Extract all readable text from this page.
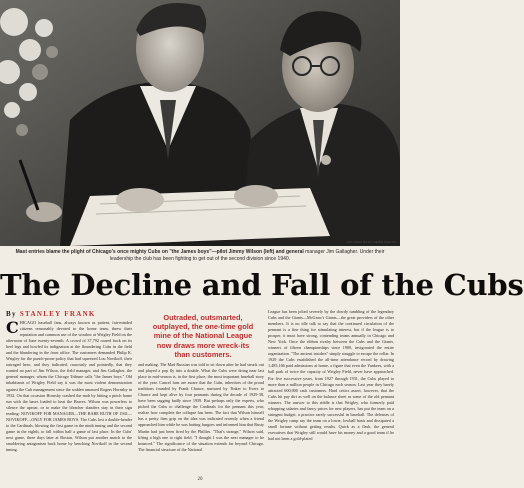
CHICAGO DAILY NEWS PHOTO
Mast entries blame the plight of Chicago's once mighty Cubs on "the James boys"—pilot Jimmy Wilson (left) and general manager Jim Gallagher. Under their leadership the club has been fighting to get out of the second division since 1940.
The Decline and Fall of the Cubs
By STANLEY FRANK
C HICAGO baseball fans, always known as patient, fair-minded citizens reasonably devoted to the home team, threw their reputation and common use of the window at Wrigley Field on the afternoon of June twenty-seventh. A crowd of 37,792 roared back on its heel legs and howled its indignation at the floundering Cubs in the field and the blundering in the front office. The customers demanded Philip K. Wrigley for the punch-prone policy that had squeezed Lou Novikoff, their outraged hero, and they indicated, raucously and pointedly, that they wanted no part of Jim Wilson, the field manager, and Jim Gallagher, the general manager, whom the Chicago Tribune calls "the James boys." Old inhabitants of Wrigley Field say it was the most violent demonstration against the Cub management since the sodden amassed Rogers Hornsby in 1932. On that occasion Hornsby crashed the mob by hitting a pinch home run with the bases loaded to beat the Braves. Wilson was powerless to silence the uproar, or to make the bleacher slanders stay in their sign reading: NOVIKOFF FOR MANAGER—THE BABE RUTH OF 1941—NOVIKOFF—ONLY FOR JAMES BOYS. The Cubs lost a double-header to the Cardinals, blowing the first game in the ninth inning and the second game in the eighth, to fall within half a game of last place. In the Cubs' next game, three days later at Boston, Wilson put another match to the smoldering antagonism back home by benching Novikoff in the second inning.
Outraded, outsmarted, outplayed, the one-time gold mine of the National League now draws more wreck-its than customers.
and making. The Mad Russian was told to sit down after he had struck out and played a pop fly into a double. What the Cubs were doing near last place in mid-season is, in the first place, the most important baseball story of the year. Cancel fans are aware that the Cubs, inheritors of the proud traditions founded by Frank Chance, nurtured by Tinker to Evers to Chance and kept alive by four pennants during the decade of 1929-38, have been sagging badly since 1939. But perhaps only the experts, who picked the Cubs to challenge the Cardinals for the pennant this year, realize how complete the collapse has been. The fact that Wilson himself has a pretty firm grip on the idea was indicated recently when a friend approached him while he was batting fungoes and informed him that Rusty Martin had just been fired by the Phillies. "That's strange," Wilson said, lifting a high one to right field. "I thought I was the next manager to be bounced." The significance of the situation extends far beyond Chicago. The financial structure of the National
League has been jolted severely by the dowdy tumbling of the legendary Cubs and the Giants—McGraw's Giants—the great providers of the other members. It is no idle talk to say that the continued circulation of the pennant is a fine thing for stimulating interest, but if the league is to prosper, it must have strong, contending teams annually in Chicago and New York. Once the ribbon rivalry between the Cubs and the Giants, winners of fifteen championships since 1900, invigorated the entire organization. "The ancient insiders" simply struggle to escape the cellar. In 1929 the Cubs established the all-time attendance record by drawing 1,485,166 paid admissions at home, a figure that even the Yankees, with a ball park of twice the capacity of Wrigley Field, never have approached. For five successive years, from 1927 through 1931, the Cubs played to more than a million people in Chicago each season. Last year they barely attracted 600,000 cash customers. Hard critics assert, however, that the Cubs hit pay dirt as well on the balance sheet as some of the old pennant winners. The answer to this riddle is that Wrigley, who formerly paid whopping salaries and fancy prices for new players, has put the team on a stringent budget, a practice rarely successful in baseball. The defenses of the Wrigley camp say the team on a lower, lowball basis and dissipated a small fortune without getting results. Quick as a flash, the general executives that Wrigley still would have his money and a good team if he had not been a gold-plated
20
